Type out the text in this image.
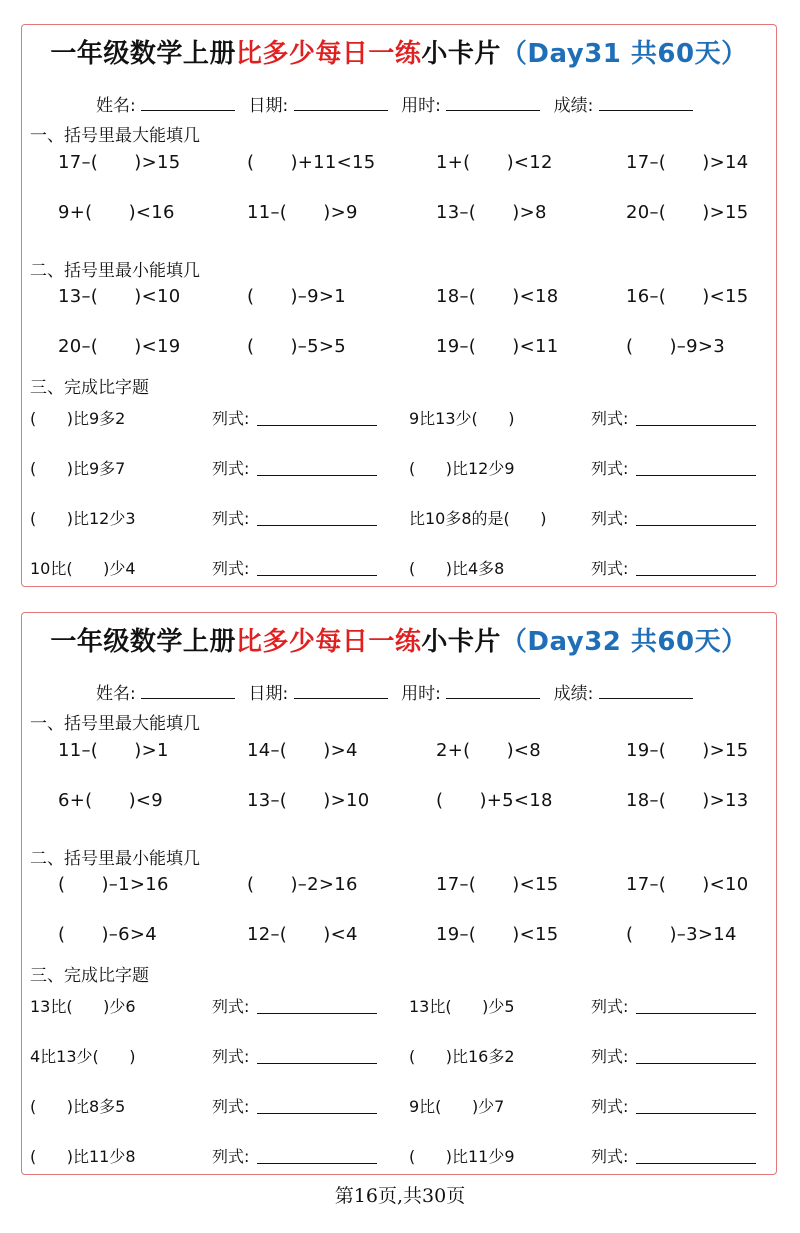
一年级数学上册比多少每日一练小卡片（Day31 共60天）
姓名:	日期:	用时:	成绩:
一、括号里最大能填几
17–(      )>15	(      )+11<15	1+(      )<12	17–(      )>14
9+(      )<16	11–(      )>9	13–(      )>8	20–(      )>15
二、括号里最小能填几
13–(      )<10	(      )–9>1	18–(      )<18	16–(      )<15
20–(      )<19	(      )–5>5	19–(      )<11	(      )–9>3
三、完成比字题
(      )比9多2	列式:	9比13少(      )	列式:
(      )比9多7	列式:	(      )比12少9	列式:
(      )比12少3	列式:	比10多8的是(      )	列式:
10比(      )少4	列式:	(      )比4多8	列式:
一年级数学上册比多少每日一练小卡片（Day32 共60天）
姓名:	日期:	用时:	成绩:
一、括号里最大能填几
11–(      )>1	14–(      )>4	2+(      )<8	19–(      )>15
6+(      )<9	13–(      )>10	(      )+5<18	18–(      )>13
二、括号里最小能填几
(      )–1>16	(      )–2>16	17–(      )<15	17–(      )<10
(      )–6>4	12–(      )<4	19–(      )<15	(      )–3>14
三、完成比字题
13比(      )少6	列式:	13比(      )少5	列式:
4比13少(      )	列式:	(      )比16多2	列式:
(      )比8多5	列式:	9比(      )少7	列式:
(      )比11少8	列式:	(      )比11少9	列式:
第16页,共30页
